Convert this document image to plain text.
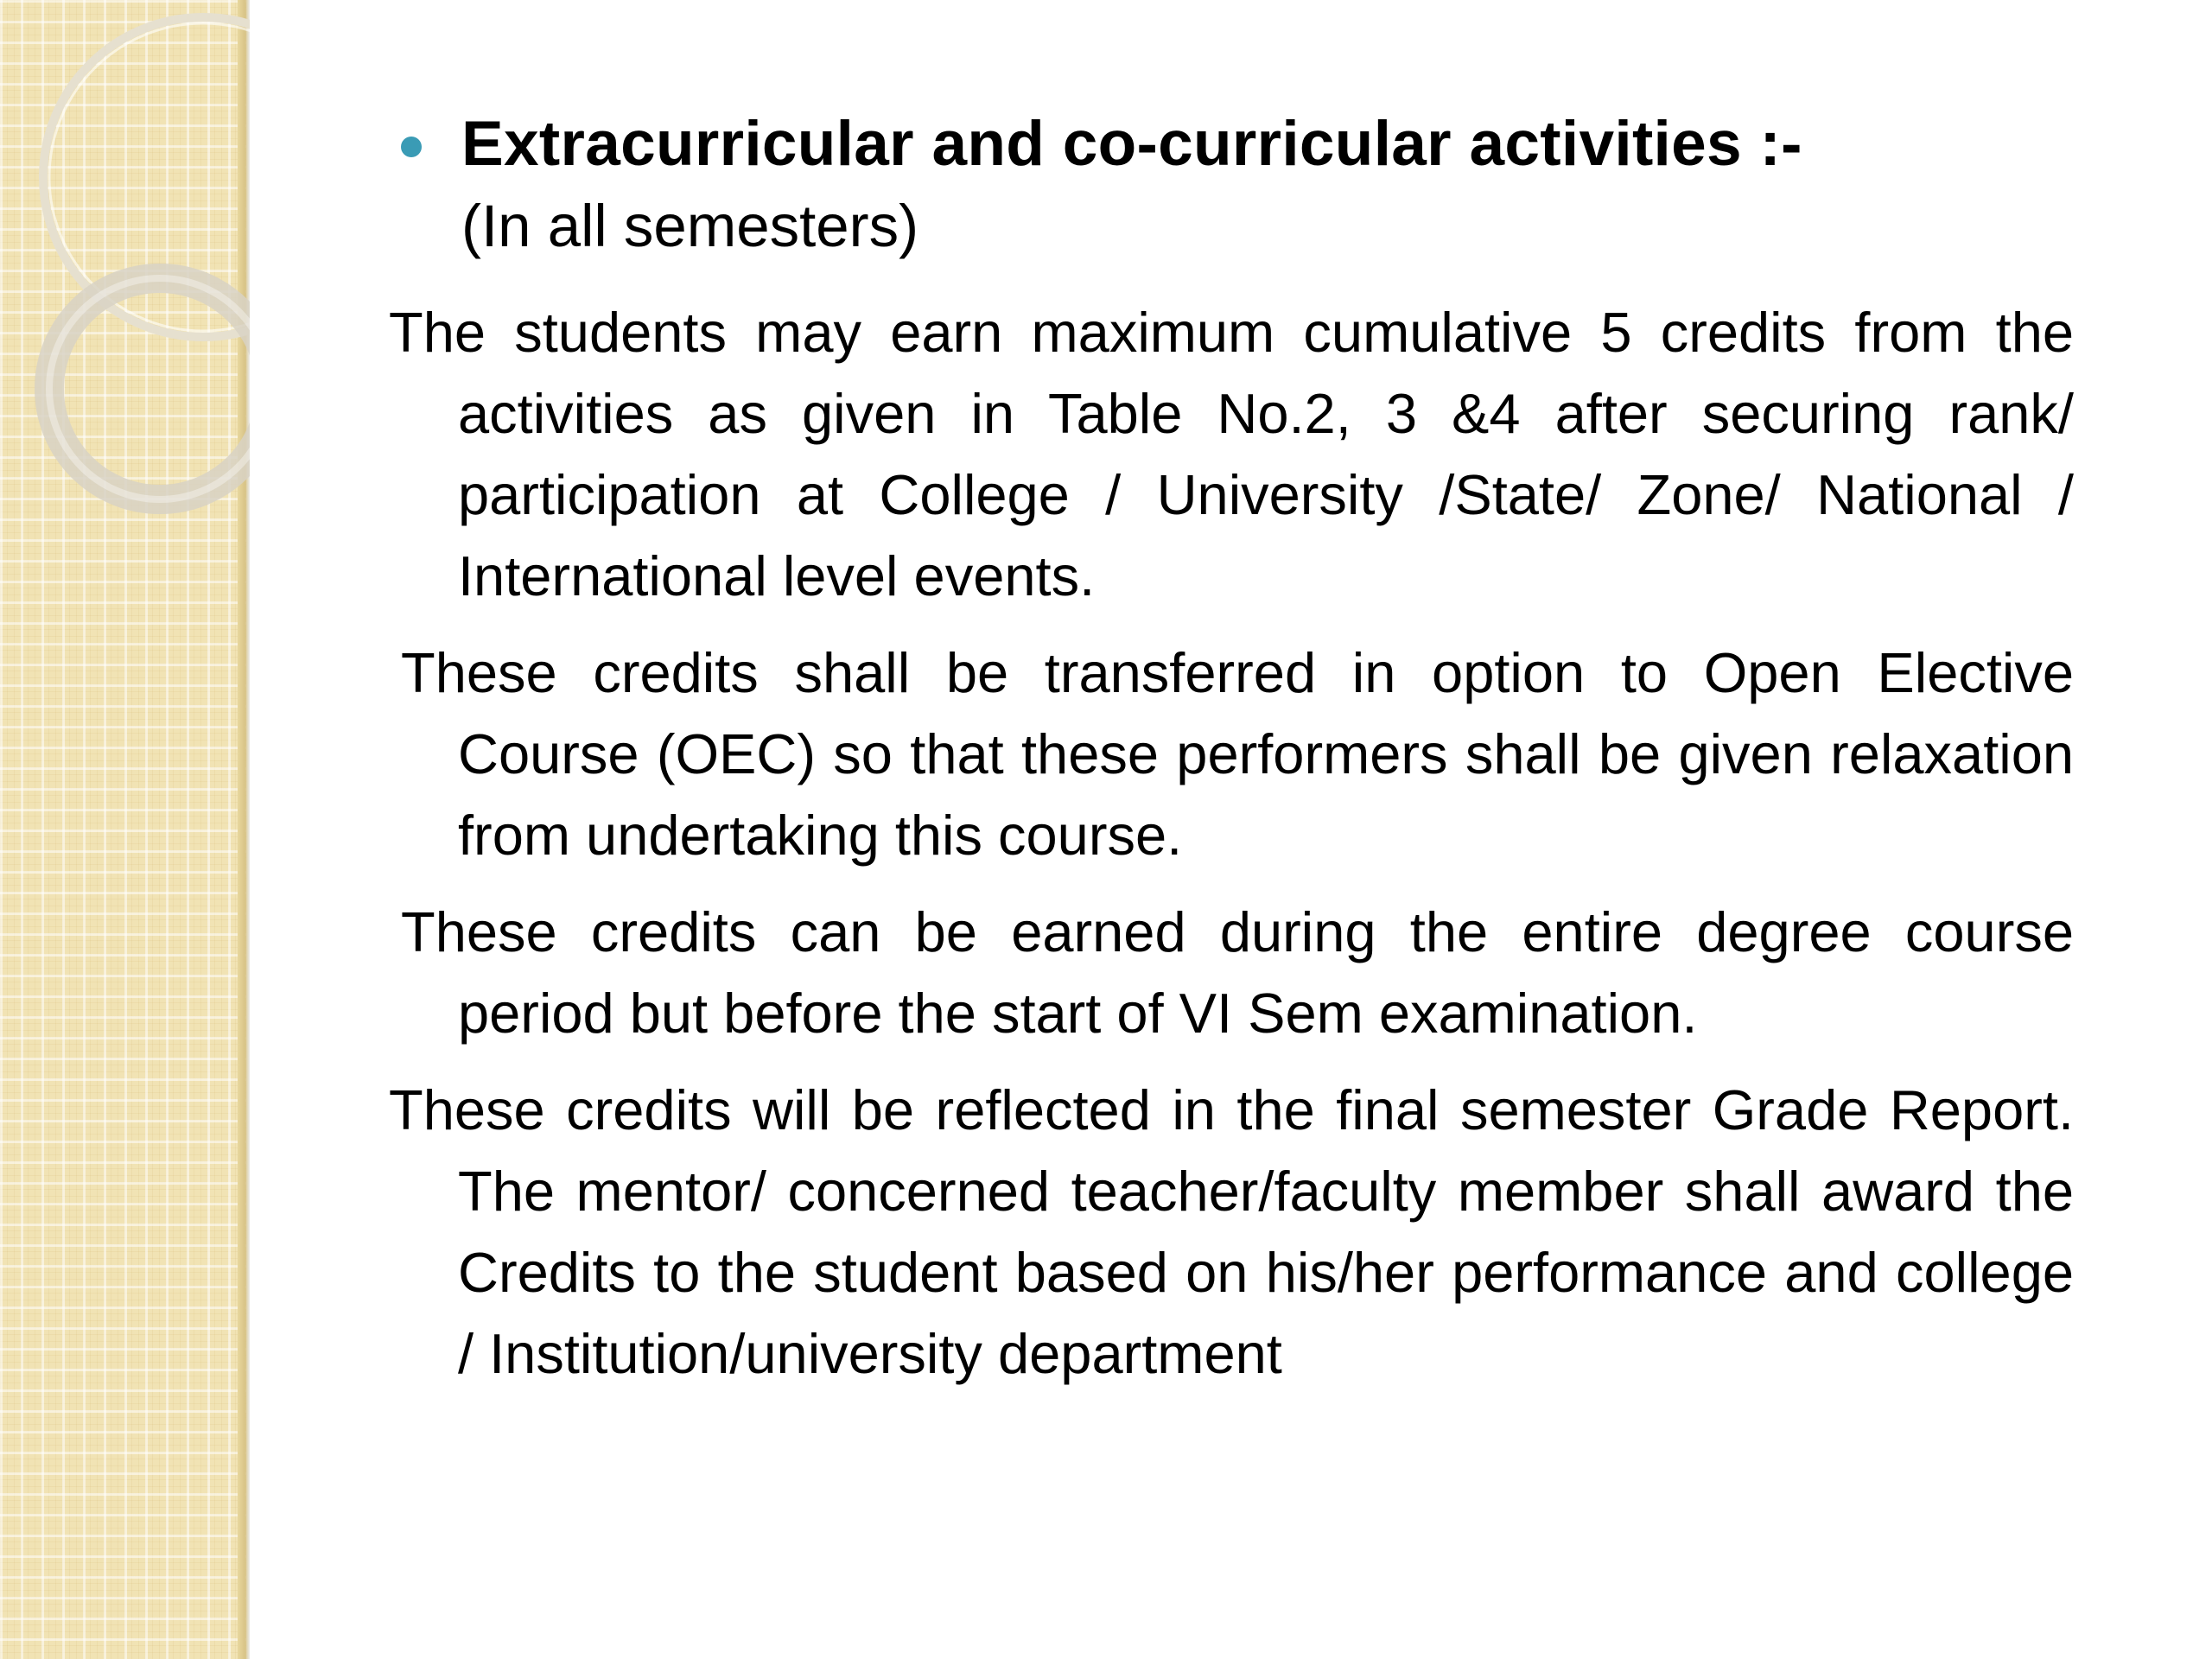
Extracurricular and co-curricular activities :-
(In all semesters)

The students may earn maximum cumulative 5 credits from the activities as given in Table No.2, 3 &4 after securing rank/ participation at College / University /State/ Zone/ National / International level events.

These credits shall be transferred in option to Open Elective Course (OEC) so that these performers shall be given relaxation from undertaking this course.

These credits can be earned during the entire degree course period but before the start of VI Sem examination.

These credits will be reflected in the final semester Grade Report. The mentor/ concerned teacher/faculty member shall award the Credits to the student based on his/her performance and college / Institution/university department
